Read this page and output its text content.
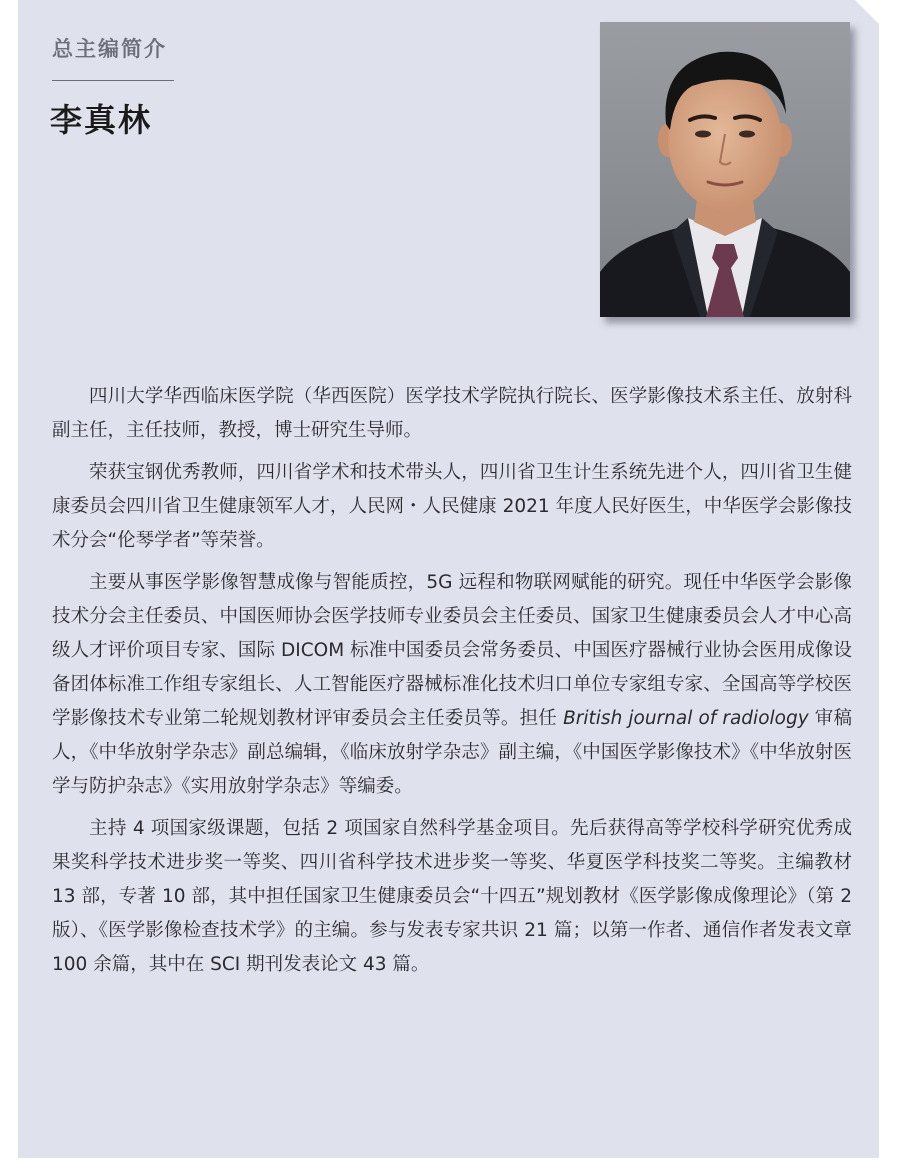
总主编简介
李真林

四川大学华西临床医学院（华西医院）医学技术学院执行院长、医学影像技术系主任、放射科副主任，主任技师，教授，博士研究生导师。

荣获宝钢优秀教师，四川省学术和技术带头人，四川省卫生计生系统先进个人，四川省卫生健康委员会四川省卫生健康领军人才，人民网・人民健康 2021 年度人民好医生，中华医学会影像技术分会“伦琴学者”等荣誉。

主要从事医学影像智慧成像与智能质控，5G 远程和物联网赋能的研究。现任中华医学会影像技术分会主任委员、中国医师协会医学技师专业委员会主任委员、国家卫生健康委员会人才中心高级人才评价项目专家、国际 DICOM 标准中国委员会常务委员、中国医疗器械行业协会医用成像设备团体标准工作组专家组长、人工智能医疗器械标准化技术归口单位专家组专家、全国高等学校医学影像技术专业第二轮规划教材评审委员会主任委员等。担任 British journal of radiology 审稿人，《中华放射学杂志》副总编辑，《临床放射学杂志》副主编，《中国医学影像技术》《中华放射医学与防护杂志》《实用放射学杂志》等编委。

主持 4 项国家级课题，包括 2 项国家自然科学基金项目。先后获得高等学校科学研究优秀成果奖科学技术进步奖一等奖、四川省科学技术进步奖一等奖、华夏医学科技奖二等奖。主编教材 13 部，专著 10 部，其中担任国家卫生健康委员会“十四五”规划教材《医学影像成像理论》（第 2 版）、《医学影像检查技术学》的主编。参与发表专家共识 21 篇；以第一作者、通信作者发表文章 100 余篇，其中在 SCI 期刊发表论文 43 篇。
